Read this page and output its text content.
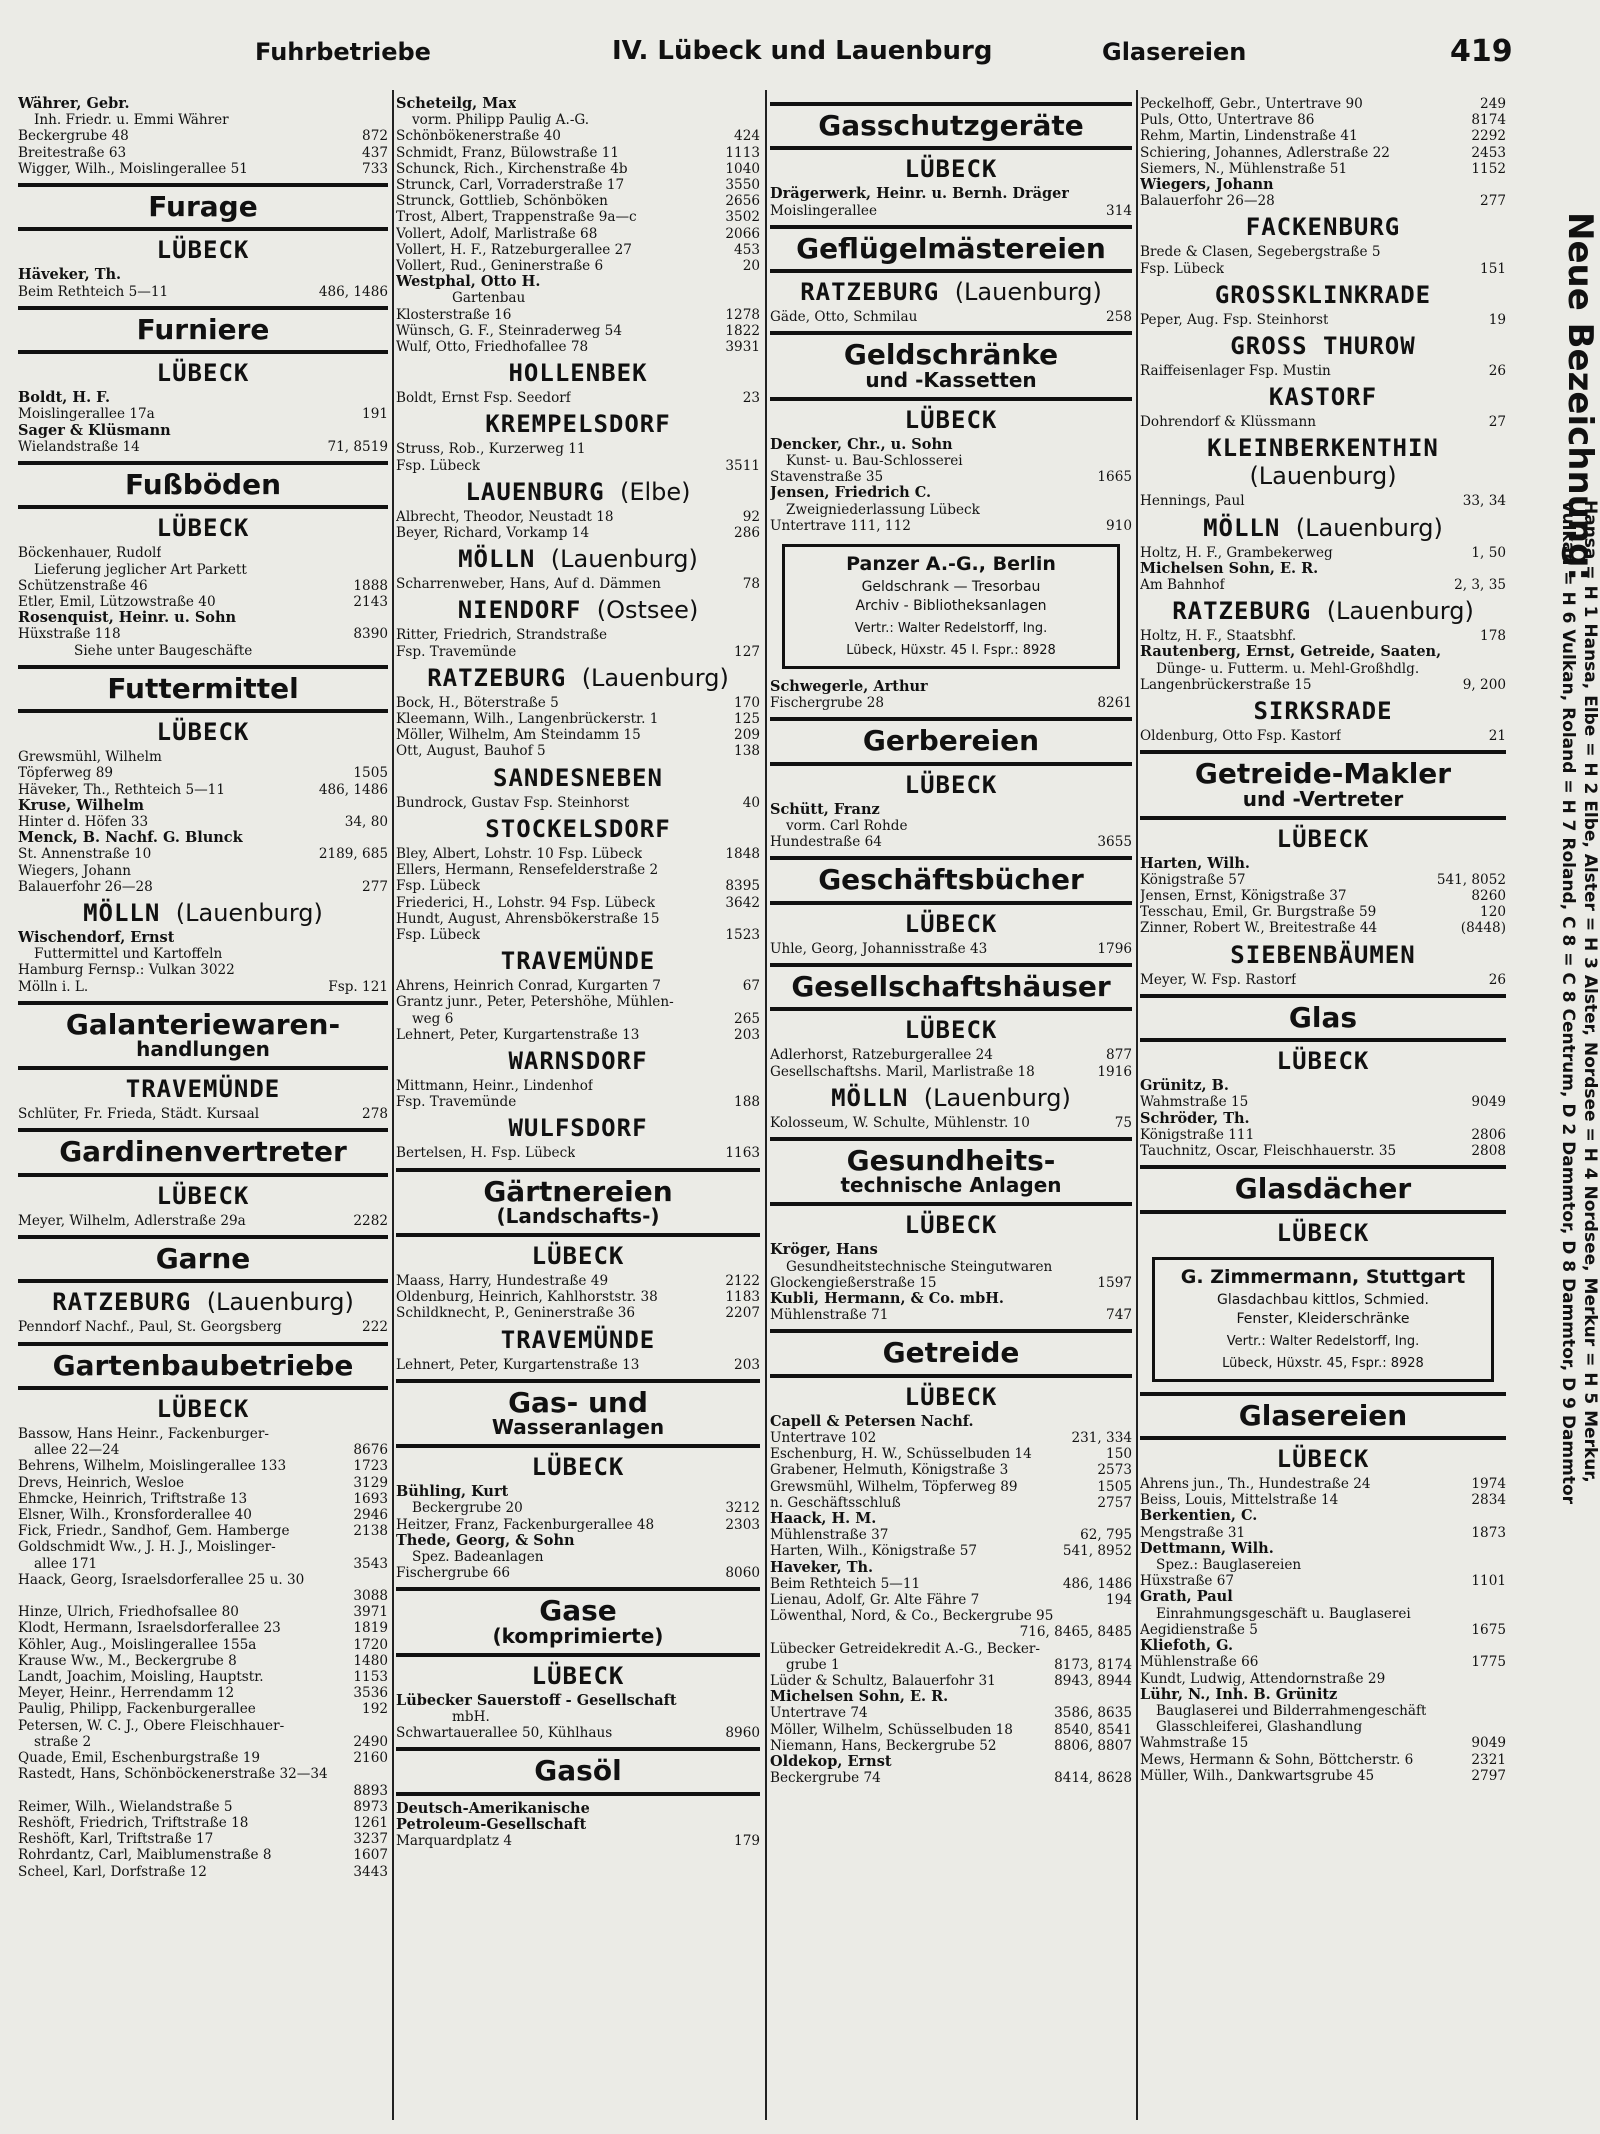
Fuhrbetriebe	IV. Lübeck und Lauenburg	Glasereien	419
Währer, Gebr.
Inh. Friedr. u. Emmi Währer
Beckergrube 48	872
Breitestraße 63	437
Wigger, Wilh., Moislingerallee 51	733
Furage
LÜBECK
Häveker, Th.
Beim Rethteich 5—11	486, 1486
Furniere
LÜBECK
Boldt, H. F.
Moislingerallee 17a	191
Sager & Klüsmann
Wielandstraße 14	71, 8519
Fußböden
LÜBECK
Böckenhauer, Rudolf
Lieferung jeglicher Art Parkett
Schützenstraße 46	1888
Etler, Emil, Lützowstraße 40	2143
Rosenquist, Heinr. u. Sohn
Hüxstraße 118	8390
Siehe unter Baugeschäfte
Futtermittel
LÜBECK
Grewsmühl, Wilhelm
Töpferweg 89	1505
Häveker, Th., Rethteich 5—11	486, 1486
Kruse, Wilhelm
Hinter d. Höfen 33	34, 80
Menck, B. Nachf. G. Blunck
St. Annenstraße 10	2189, 685
Wiegers, Johann
Balauerfohr 26—28	277
MÖLLN (Lauenburg)
Wischendorf, Ernst
Futtermittel und Kartoffeln
Hamburg Fernsp.: Vulkan 3022
Mölln i. L.	Fsp. 121
Galanteriewaren-
handlungen
TRAVEMÜNDE
Schlüter, Fr. Frieda, Städt. Kursaal	278
Gardinenvertreter
LÜBECK
Meyer, Wilhelm, Adlerstraße 29a	2282
Garne
RATZEBURG (Lauenburg)
Penndorf Nachf., Paul, St. Georgsberg	222
Gartenbaubetriebe
LÜBECK
Bassow, Hans Heinr., Fackenburger-
allee 22—24	8676
Behrens, Wilhelm, Moislingerallee 133	1723
Drevs, Heinrich, Wesloe	3129
Ehmcke, Heinrich, Triftstraße 13	1693
Elsner, Wilh., Kronsforderallee 40	2946
Fick, Friedr., Sandhof, Gem. Hamberge	2138
Goldschmidt Ww., J. H. J., Moislinger-
allee 171	3543
Haack, Georg, Israelsdorferallee 25 u. 30
3088
Hinze, Ulrich, Friedhofsallee 80	3971
Klodt, Hermann, Israelsdorferallee 23	1819
Köhler, Aug., Moislingerallee 155a	1720
Krause Ww., M., Beckergrube 8	1480
Landt, Joachim, Moisling, Hauptstr.	1153
Meyer, Heinr., Herrendamm 12	3536
Paulig, Philipp, Fackenburgerallee	192
Petersen, W. C. J., Obere Fleischhauer-
straße 2	2490
Quade, Emil, Eschenburgstraße 19	2160
Rastedt, Hans, Schönböckenerstraße 32—34
8893
Reimer, Wilh., Wielandstraße 5	8973
Reshöft, Friedrich, Triftstraße 18	1261
Reshöft, Karl, Triftstraße 17	3237
Rohrdantz, Carl, Maiblumenstraße 8	1607
Scheel, Karl, Dorfstraße 12	3443
Scheteilg, Max
vorm. Philipp Paulig A.-G.
Schönbökenerstraße 40	424
Schmidt, Franz, Bülowstraße 11	1113
Schunck, Rich., Kirchenstraße 4b	1040
Strunck, Carl, Vorraderstraße 17	3550
Strunck, Gottlieb, Schönböken	2656
Trost, Albert, Trappenstraße 9a—c	3502
Vollert, Adolf, Marlistraße 68	2066
Vollert, H. F., Ratzeburgerallee 27	453
Vollert, Rud., Geninerstraße 6	20
Westphal, Otto H.
Gartenbau
Klosterstraße 16	1278
Wünsch, G. F., Steinraderweg 54	1822
Wulf, Otto, Friedhofallee 78	3931
HOLLENBEK
Boldt, Ernst Fsp. Seedorf	23
KREMPELSDORF
Struss, Rob., Kurzerweg 11
Fsp. Lübeck	3511
LAUENBURG (Elbe)
Albrecht, Theodor, Neustadt 18	92
Beyer, Richard, Vorkamp 14	286
MÖLLN (Lauenburg)
Scharrenweber, Hans, Auf d. Dämmen	78
NIENDORF (Ostsee)
Ritter, Friedrich, Strandstraße
Fsp. Travemünde	127
RATZEBURG (Lauenburg)
Bock, H., Böterstraße 5	170
Kleemann, Wilh., Langenbrückerstr. 1	125
Möller, Wilhelm, Am Steindamm 15	209
Ott, August, Bauhof 5	138
SANDESNEBEN
Bundrock, Gustav Fsp. Steinhorst	40
STOCKELSDORF
Bley, Albert, Lohstr. 10 Fsp. Lübeck	1848
Ellers, Hermann, Rensefelderstraße 2
Fsp. Lübeck	8395
Friederici, H., Lohstr. 94 Fsp. Lübeck	3642
Hundt, August, Ahrensbökerstraße 15
Fsp. Lübeck	1523
TRAVEMÜNDE
Ahrens, Heinrich Conrad, Kurgarten 7	67
Grantz junr., Peter, Petershöhe, Mühlen-
weg 6	265
Lehnert, Peter, Kurgartenstraße 13	203
WARNSDORF
Mittmann, Heinr., Lindenhof
Fsp. Travemünde	188
WULFSDORF
Bertelsen, H. Fsp. Lübeck	1163
Gärtnereien
(Landschafts-)
LÜBECK
Maass, Harry, Hundestraße 49	2122
Oldenburg, Heinrich, Kahlhorststr. 38	1183
Schildknecht, P., Geninerstraße 36	2207
TRAVEMÜNDE
Lehnert, Peter, Kurgartenstraße 13	203
Gas- und
Wasseranlagen
LÜBECK
Bühling, Kurt
Beckergrube 20	3212
Heitzer, Franz, Fackenburgerallee 48	2303
Thede, Georg, & Sohn
Spez. Badeanlagen
Fischergrube 66	8060
Gase
(komprimierte)
LÜBECK
Lübecker Sauerstoff - Gesellschaft
mbH.
Schwartauerallee 50, Kühlhaus	8960
Gasöl
Deutsch-Amerikanische
Petroleum-Gesellschaft
Marquardplatz 4	179
Gasschutzgeräte
LÜBECK
Drägerwerk, Heinr. u. Bernh. Dräger
Moislingerallee	314
Geflügelmästereien
RATZEBURG (Lauenburg)
Gäde, Otto, Schmilau	258
Geldschränke
und -Kassetten
LÜBECK
Dencker, Chr., u. Sohn
Kunst- u. Bau-Schlosserei
Stavenstraße 35	1665
Jensen, Friedrich C.
Zweigniederlassung Lübeck
Untertrave 111, 112	910
Panzer A.-G., Berlin
Geldschrank — Tresorbau
Archiv - Bibliotheksanlagen
Vertr.: Walter Redelstorff, Ing.
Lübeck, Hüxstr. 45 I. Fspr.: 8928
Schwegerle, Arthur
Fischergrube 28	8261
Gerbereien
LÜBECK
Schütt, Franz
vorm. Carl Rohde
Hundestraße 64	3655
Geschäftsbücher
LÜBECK
Uhle, Georg, Johannisstraße 43	1796
Gesellschaftshäuser
LÜBECK
Adlerhorst, Ratzeburgerallee 24	877
Gesellschaftshs. Maril, Marlistraße 18	1916
MÖLLN (Lauenburg)
Kolosseum, W. Schulte, Mühlenstr. 10	75
Gesundheits-
technische Anlagen
LÜBECK
Kröger, Hans
Gesundheitstechnische Steingutwaren
Glockengießerstraße 15	1597
Kubli, Hermann, & Co. mbH.
Mühlenstraße 71	747
Getreide
LÜBECK
Capell & Petersen Nachf.
Untertrave 102	231, 334
Eschenburg, H. W., Schüsselbuden 14	150
Grabener, Helmuth, Königstraße 3	2573
Grewsmühl, Wilhelm, Töpferweg 89	1505
n. Geschäftsschluß	2757
Haack, H. M.
Mühlenstraße 37	62, 795
Harten, Wilh., Königstraße 57	541, 8952
Haveker, Th.
Beim Rethteich 5—11	486, 1486
Lienau, Adolf, Gr. Alte Fähre 7	194
Löwenthal, Nord, & Co., Beckergrube 95
716, 8465, 8485
Lübecker Getreidekredit A.-G., Becker-
grube 1	8173, 8174
Lüder & Schultz, Balauerfohr 31	8943, 8944
Michelsen Sohn, E. R.
Untertrave 74	3586, 8635
Möller, Wilhelm, Schüsselbuden 18	8540, 8541
Niemann, Hans, Beckergrube 52	8806, 8807
Oldekop, Ernst
Beckergrube 74	8414, 8628
Peckelhoff, Gebr., Untertrave 90	249
Puls, Otto, Untertrave 86	8174
Rehm, Martin, Lindenstraße 41	2292
Schiering, Johannes, Adlerstraße 22	2453
Siemers, N., Mühlenstraße 51	1152
Wiegers, Johann
Balauerfohr 26—28	277
FACKENBURG
Brede & Clasen, Segebergstraße 5
Fsp. Lübeck	151
GROSSKLINKRADE
Peper, Aug. Fsp. Steinhorst	19
GROSS THUROW
Raiffeisenlager Fsp. Mustin	26
KASTORF
Dohrendorf & Klüssmann	27
KLEINBERKENTHIN (Lauenburg)
Hennings, Paul	33, 34
MÖLLN (Lauenburg)
Holtz, H. F., Grambekerweg	1, 50
Michelsen Sohn, E. R.
Am Bahnhof	2, 3, 35
RATZEBURG (Lauenburg)
Holtz, H. F., Staatsbhf.	178
Rautenberg, Ernst, Getreide, Saaten,
Dünge- u. Futterm. u. Mehl-Großhdlg.
Langenbrückerstraße 15	9, 200
SIRKSRADE
Oldenburg, Otto Fsp. Kastorf	21
Getreide-Makler
und -Vertreter
LÜBECK
Harten, Wilh.
Königstraße 57	541, 8052
Jensen, Ernst, Königstraße 37	8260
Tesschau, Emil, Gr. Burgstraße 59	120
Zinner, Robert W., Breitestraße 44	(8448)
SIEBENBÄUMEN
Meyer, W. Fsp. Rastorf	26
Glas
LÜBECK
Grünitz, B.
Wahmstraße 15	9049
Schröder, Th.
Königstraße 111	2806
Tauchnitz, Oscar, Fleischhauerstr. 35	2808
Glasdächer
LÜBECK
G. Zimmermann, Stuttgart
Glasdachbau kittlos, Schmied.
Fenster, Kleiderschränke
Vertr.: Walter Redelstorff, Ing.
Lübeck, Hüxstr. 45, Fspr.: 8928
Glasereien
LÜBECK
Ahrens jun., Th., Hundestraße 24	1974
Beiss, Louis, Mittelstraße 14	2834
Berkentien, C.
Mengstraße 31	1873
Dettmann, Wilh.
Spez.: Bauglasereien
Hüxstraße 67	1101
Grath, Paul
Einrahmungsgeschäft u. Bauglaserei
Aegidienstraße 5	1675
Kliefoth, G.
Mühlenstraße 66	1775
Kundt, Ludwig, Attendornstraße 29
Lühr, N., Inh. B. Grünitz
Bauglaserei und Bilderrahmengeschäft
Glasschleiferei, Glashandlung
Wahmstraße 15	9049
Mews, Hermann & Sohn, Böttcherstr. 6	2321
Müller, Wilh., Dankwartsgrube 45	2797
Neue Bezeichnung:
Hansa = H 1 Hansa, Elbe = H 2 Elbe, Alster = H 3 Alster, Nordsee = H 4 Nordsee, Merkur = H 5 Merkur,
Vulkan = H 6 Vulkan, Roland = H 7 Roland, C 8 = C 8 Centrum, D 2 Dammtor, D 8 Dammtor, D 9 Dammtor
